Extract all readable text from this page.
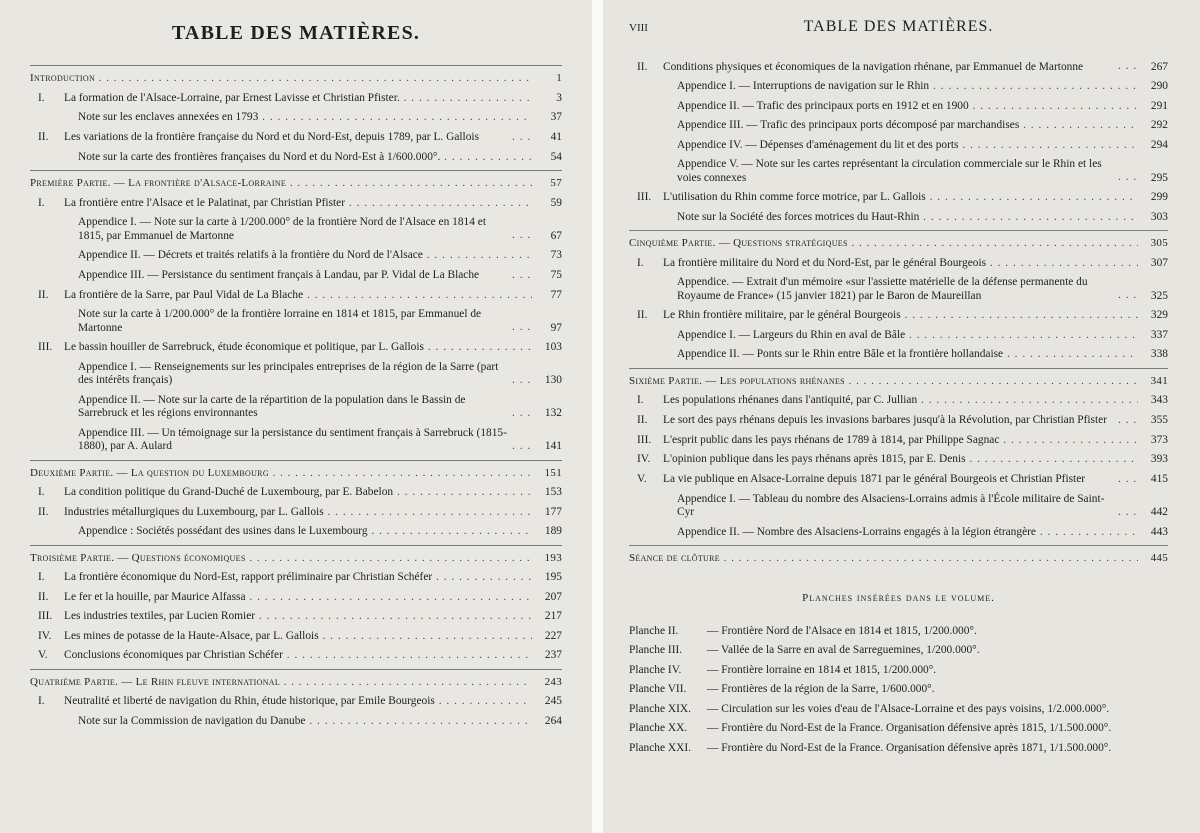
TABLE DES MATIÈRES.
Introduction . . .	1
I.	La formation de l'Alsace-Lorraine, par Ernest Lavisse et Christian Pfister. . . .	3
Note sur les enclaves annexées en 1793 . . .	37
II.	Les variations de la frontière française du Nord et du Nord-Est, depuis 1789, par L. Gallois . . .	41
Note sur la carte des frontières françaises du Nord et du Nord-Est à 1/600.000°. . . .	54
Première Partie. — La frontière d'Alsace-Lorraine . . .	57
I.	La frontière entre l'Alsace et le Palatinat, par Christian Pfister . . .	59
Appendice I. — Note sur la carte à 1/200.000° de la frontière Nord de l'Alsace en 1814 et 1815, par Emmanuel de Martonne . . .	67
Appendice II. — Décrets et traités relatifs à la frontière du Nord de l'Alsace . . .	73
Appendice III. — Persistance du sentiment français à Landau, par P. Vidal de La Blache . . .	75
II.	La frontière de la Sarre, par Paul Vidal de La Blache . . .	77
Note sur la carte à 1/200.000° de la frontière lorraine en 1814 et 1815, par Emmanuel de Martonne . . .	97
III.	Le bassin houiller de Sarrebruck, étude économique et politique, par L. Gallois . . .	103
Appendice I. — Renseignements sur les principales entreprises de la région de la Sarre (part des intérêts français) . . .	130
Appendice II. — Note sur la carte de la répartition de la population dans le Bassin de Sarrebruck et les régions environnantes . . .	132
Appendice III. — Un témoignage sur la persistance du sentiment français à Sarrebruck (1815-1880), par A. Aulard . . .	141
Deuxième Partie. — La question du Luxembourg . . .	151
I.	La condition politique du Grand-Duché de Luxembourg, par E. Babelon . . .	153
II.	Industries métallurgiques du Luxembourg, par L. Gallois . . .	177
Appendice : Sociétés possédant des usines dans le Luxembourg . . .	189
Troisième Partie. — Questions économiques . . .	193
I.	La frontière économique du Nord-Est, rapport préliminaire par Christian Schéfer . . .	195
II.	Le fer et la houille, par Maurice Alfassa . . .	207
III.	Les industries textiles, par Lucien Romier . . .	217
IV.	Les mines de potasse de la Haute-Alsace, par L. Gallois . . .	227
V.	Conclusions économiques par Christian Schéfer . . .	237
Quatrième Partie. — Le Rhin fleuve international . . .	243
I.	Neutralité et liberté de navigation du Rhin, étude historique, par Emile Bourgeois . . .	245
Note sur la Commission de navigation du Danube . . .	264
VIII	TABLE DES MATIÈRES.
II.	Conditions physiques et économiques de la navigation rhénane, par Emmanuel de Martonne . . .	267
Appendice I. — Interruptions de navigation sur le Rhin . . .	290
Appendice II. — Trafic des principaux ports en 1912 et en 1900 . . .	291
Appendice III. — Trafic des principaux ports décomposé par marchandises . . .	292
Appendice IV. — Dépenses d'aménagement du lit et des ports . . .	294
Appendice V. — Note sur les cartes représentant la circulation commerciale sur le Rhin et les voies connexes . . .	295
III.	L'utilisation du Rhin comme force motrice, par L. Gallois . . .	299
Note sur la Société des forces motrices du Haut-Rhin . . .	303
Cinquième Partie. — Questions stratégiques . . .	305
I.	La frontière militaire du Nord et du Nord-Est, par le général Bourgeois . . .	307
Appendice. — Extrait d'un mémoire «sur l'assiette matérielle de la défense permanente du Royaume de France» (15 janvier 1821) par le Baron de Maureillan . . .	325
II.	Le Rhin frontière militaire, par le général Bourgeois . . .	329
Appendice I. — Largeurs du Rhin en aval de Bâle . . .	337
Appendice II. — Ponts sur le Rhin entre Bâle et la frontière hollandaise . . .	338
Sixième Partie. — Les populations rhénanes . . .	341
I.	Les populations rhénanes dans l'antiquité, par C. Jullian . . .	343
II.	Le sort des pays rhénans depuis les invasions barbares jusqu'à la Révolution, par Christian Pfister . . .	355
III.	L'esprit public dans les pays rhénans de 1789 à 1814, par Philippe Sagnac . . .	373
IV.	L'opinion publique dans les pays rhénans après 1815, par E. Denis . . .	393
V.	La vie publique en Alsace-Lorraine depuis 1871 par le général Bourgeois et Christian Pfister . . .	415
Appendice I. — Tableau du nombre des Alsaciens-Lorrains admis à l'École militaire de Saint-Cyr . . .	442
Appendice II. — Nombre des Alsaciens-Lorrains engagés à la légion étrangère . . .	443
Séance de clôture . . .	445
Planches insérées dans le volume.
Planche II.	— Frontière Nord de l'Alsace en 1814 et 1815, 1/200.000°.
Planche III.	— Vallée de la Sarre en aval de Sarreguemines, 1/200.000°.
Planche IV.	— Frontière lorraine en 1814 et 1815, 1/200.000°.
Planche VII.	— Frontières de la région de la Sarre, 1/600.000°.
Planche XIX.	— Circulation sur les voies d'eau de l'Alsace-Lorraine et des pays voisins, 1/2.000.000°.
Planche XX.	— Frontière du Nord-Est de la France. Organisation défensive après 1815, 1/1.500.000°.
Planche XXI.	— Frontière du Nord-Est de la France. Organisation défensive après 1871, 1/1.500.000°.
